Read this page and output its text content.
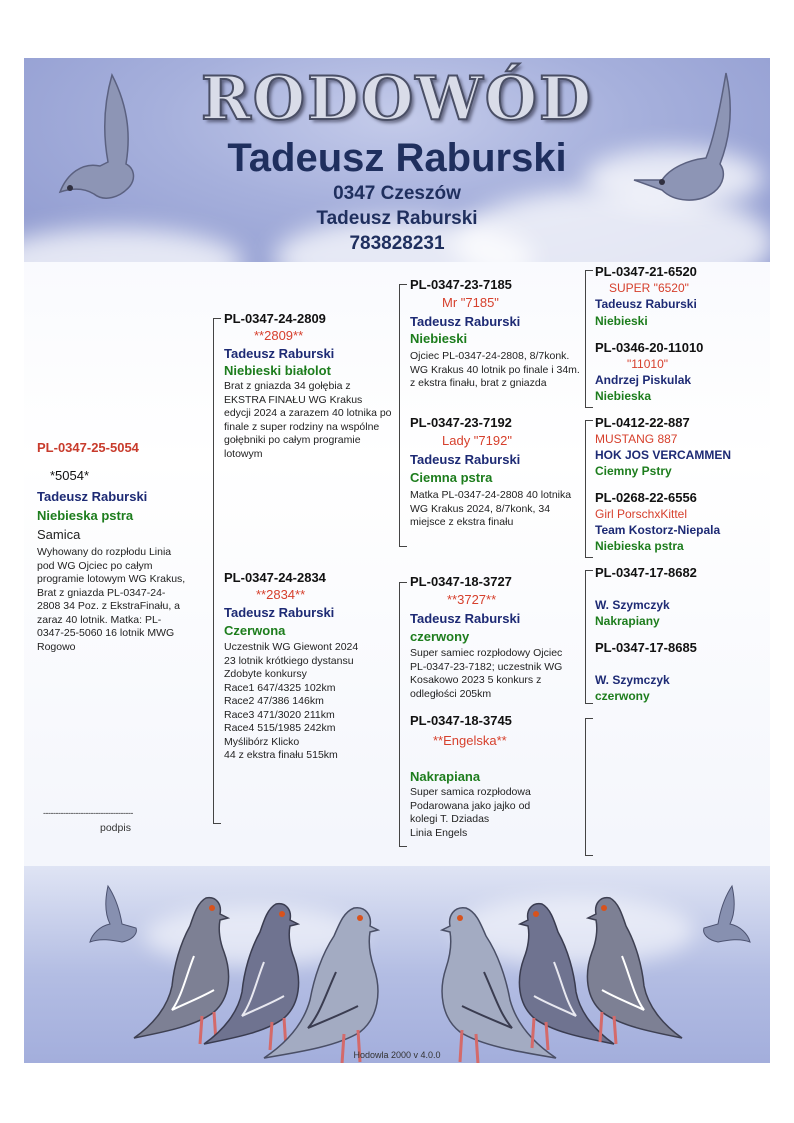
RODOWÓD
Tadeusz Raburski
0347 Czeszów
Tadeusz Raburski
783828231
PL-0347-25-5054
*5054*
Tadeusz Raburski
Niebieska pstra
Samica
Wyhowany do rozpłodu Linia pod WG Ojciec po całym programie lotowym WG Krakus, Brat z gniazda PL-0347-24-2808 34 Poz. z EkstraFinału, a zaraz 40 lotnik. Matka: PL-0347-25-5060 16 lotnik MWG Rogowo
------------------------------------
podpis
PL-0347-24-2809
**2809**
Tadeusz Raburski
Niebieski białolot
Brat z gniazda 34 gołębia z EKSTRA FINAŁU WG Krakus edycji 2024 a zarazem 40 lotnika po finale z super rodziny na wspólne gołębniki po całym programie lotowym
PL-0347-24-2834
**2834**
Tadeusz Raburski
Czerwona
Uczestnik WG Giewont 2024
23 lotnik krótkiego dystansu
Zdobyte konkursy
Race1 647/4325 102km
Race2 47/386 146km
Race3 471/3020 211km
Race4 515/1985 242km
Myślibórz Klicko
44 z ekstra finału 515km
PL-0347-23-7185
Mr "7185"
Tadeusz Raburski
Niebieski
Ojciec PL-0347-24-2808, 8/7konk. WG Krakus 40 lotnik po finale i 34m. z ekstra finału, brat z gniazda
PL-0347-23-7192
Lady "7192"
Tadeusz Raburski
Ciemna pstra
Matka PL-0347-24-2808 40 lotnika WG Krakus 2024, 8/7konk, 34 miejsce z ekstra finału
PL-0347-18-3727
**3727**
Tadeusz Raburski
czerwony
Super samiec rozpłodowy Ojciec PL-0347-23-7182; uczestnik WG Kosakowo 2023 5 konkurs z odległości 205km
PL-0347-18-3745
**Engelska**
Nakrapiana
Super samica rozpłodowa
Podarowana jako jajko od
kolegi T. Dziadas
Linia Engels
PL-0347-21-6520
SUPER "6520"
Tadeusz Raburski
Niebieski
PL-0346-20-11010
"11010"
Andrzej Piskulak
Niebieska
PL-0412-22-887
MUSTANG 887
HOK JOS VERCAMMEN
Ciemny Pstry
PL-0268-22-6556
Girl PorschxKittel
Team Kostorz-Niepala
Niebieska pstra
PL-0347-17-8682
W. Szymczyk
Nakrapiany
PL-0347-17-8685
W. Szymczyk
czerwony
Hodowla 2000 v 4.0.0
